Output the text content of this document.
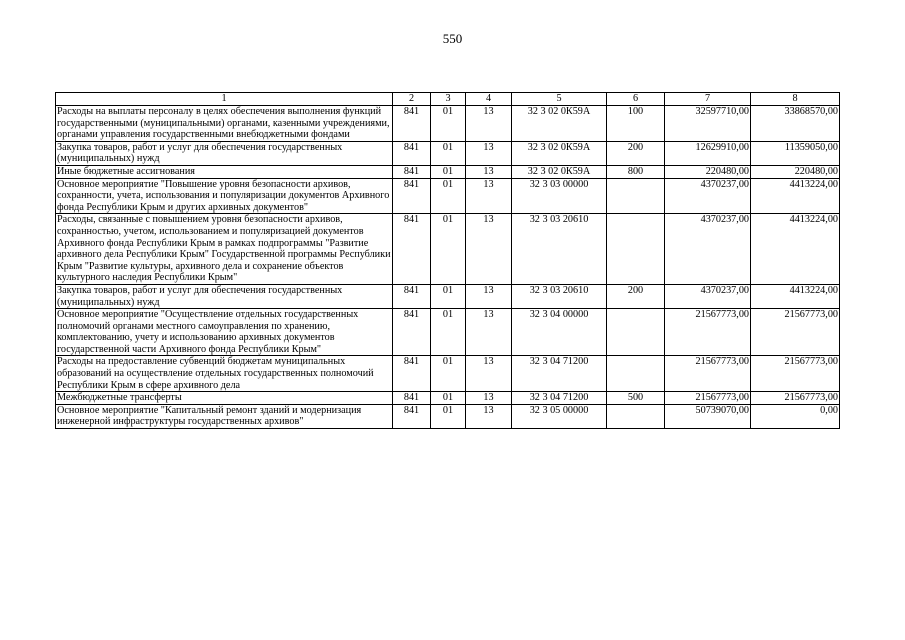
550
1	2	3	4	5	6	7	8
Расходы на выплаты персоналу в целях обеспечения выполнения функций государственными (муниципальными) органами, казенными учреждениями, органами управления государственными внебюджетными фондами	841	01	13	32 3 02 0К59А	100	32597710,00	33868570,00
Закупка товаров, работ и услуг для обеспечения государственных (муниципальных) нужд	841	01	13	32 3 02 0К59А	200	12629910,00	11359050,00
Иные бюджетные ассигнования	841	01	13	32 3 02 0К59А	800	220480,00	220480,00
Основное мероприятие "Повышение уровня безопасности архивов, сохранности, учета, использования и популяризации документов Архивного фонда Республики Крым и других архивных документов"	841	01	13	32 3 03 00000		4370237,00	4413224,00
Расходы, связанные с повышением уровня безопасности архивов, сохранностью, учетом, использованием и популяризацией документов Архивного фонда Республики Крым в рамках подпрограммы "Развитие архивного дела Республики Крым" Государственной программы Республики Крым "Развитие культуры, архивного дела и сохранение объектов культурного наследия Республики Крым"	841	01	13	32 3 03 20610		4370237,00	4413224,00
Закупка товаров, работ и услуг для обеспечения государственных (муниципальных) нужд	841	01	13	32 3 03 20610	200	4370237,00	4413224,00
Основное мероприятие "Осуществление отдельных государственных полномочий органами местного самоуправления по хранению, комплектованию, учету и использованию архивных документов государственной части Архивного фонда Республики Крым"	841	01	13	32 3 04 00000		21567773,00	21567773,00
Расходы на предоставление субвенций бюджетам муниципальных образований на осуществление отдельных государственных полномочий Республики Крым в сфере архивного дела	841	01	13	32 3 04 71200		21567773,00	21567773,00
Межбюджетные трансферты	841	01	13	32 3 04 71200	500	21567773,00	21567773,00
Основное мероприятие "Капитальный ремонт зданий и модернизация инженерной инфраструктуры государственных архивов"	841	01	13	32 3 05 00000		50739070,00	0,00
